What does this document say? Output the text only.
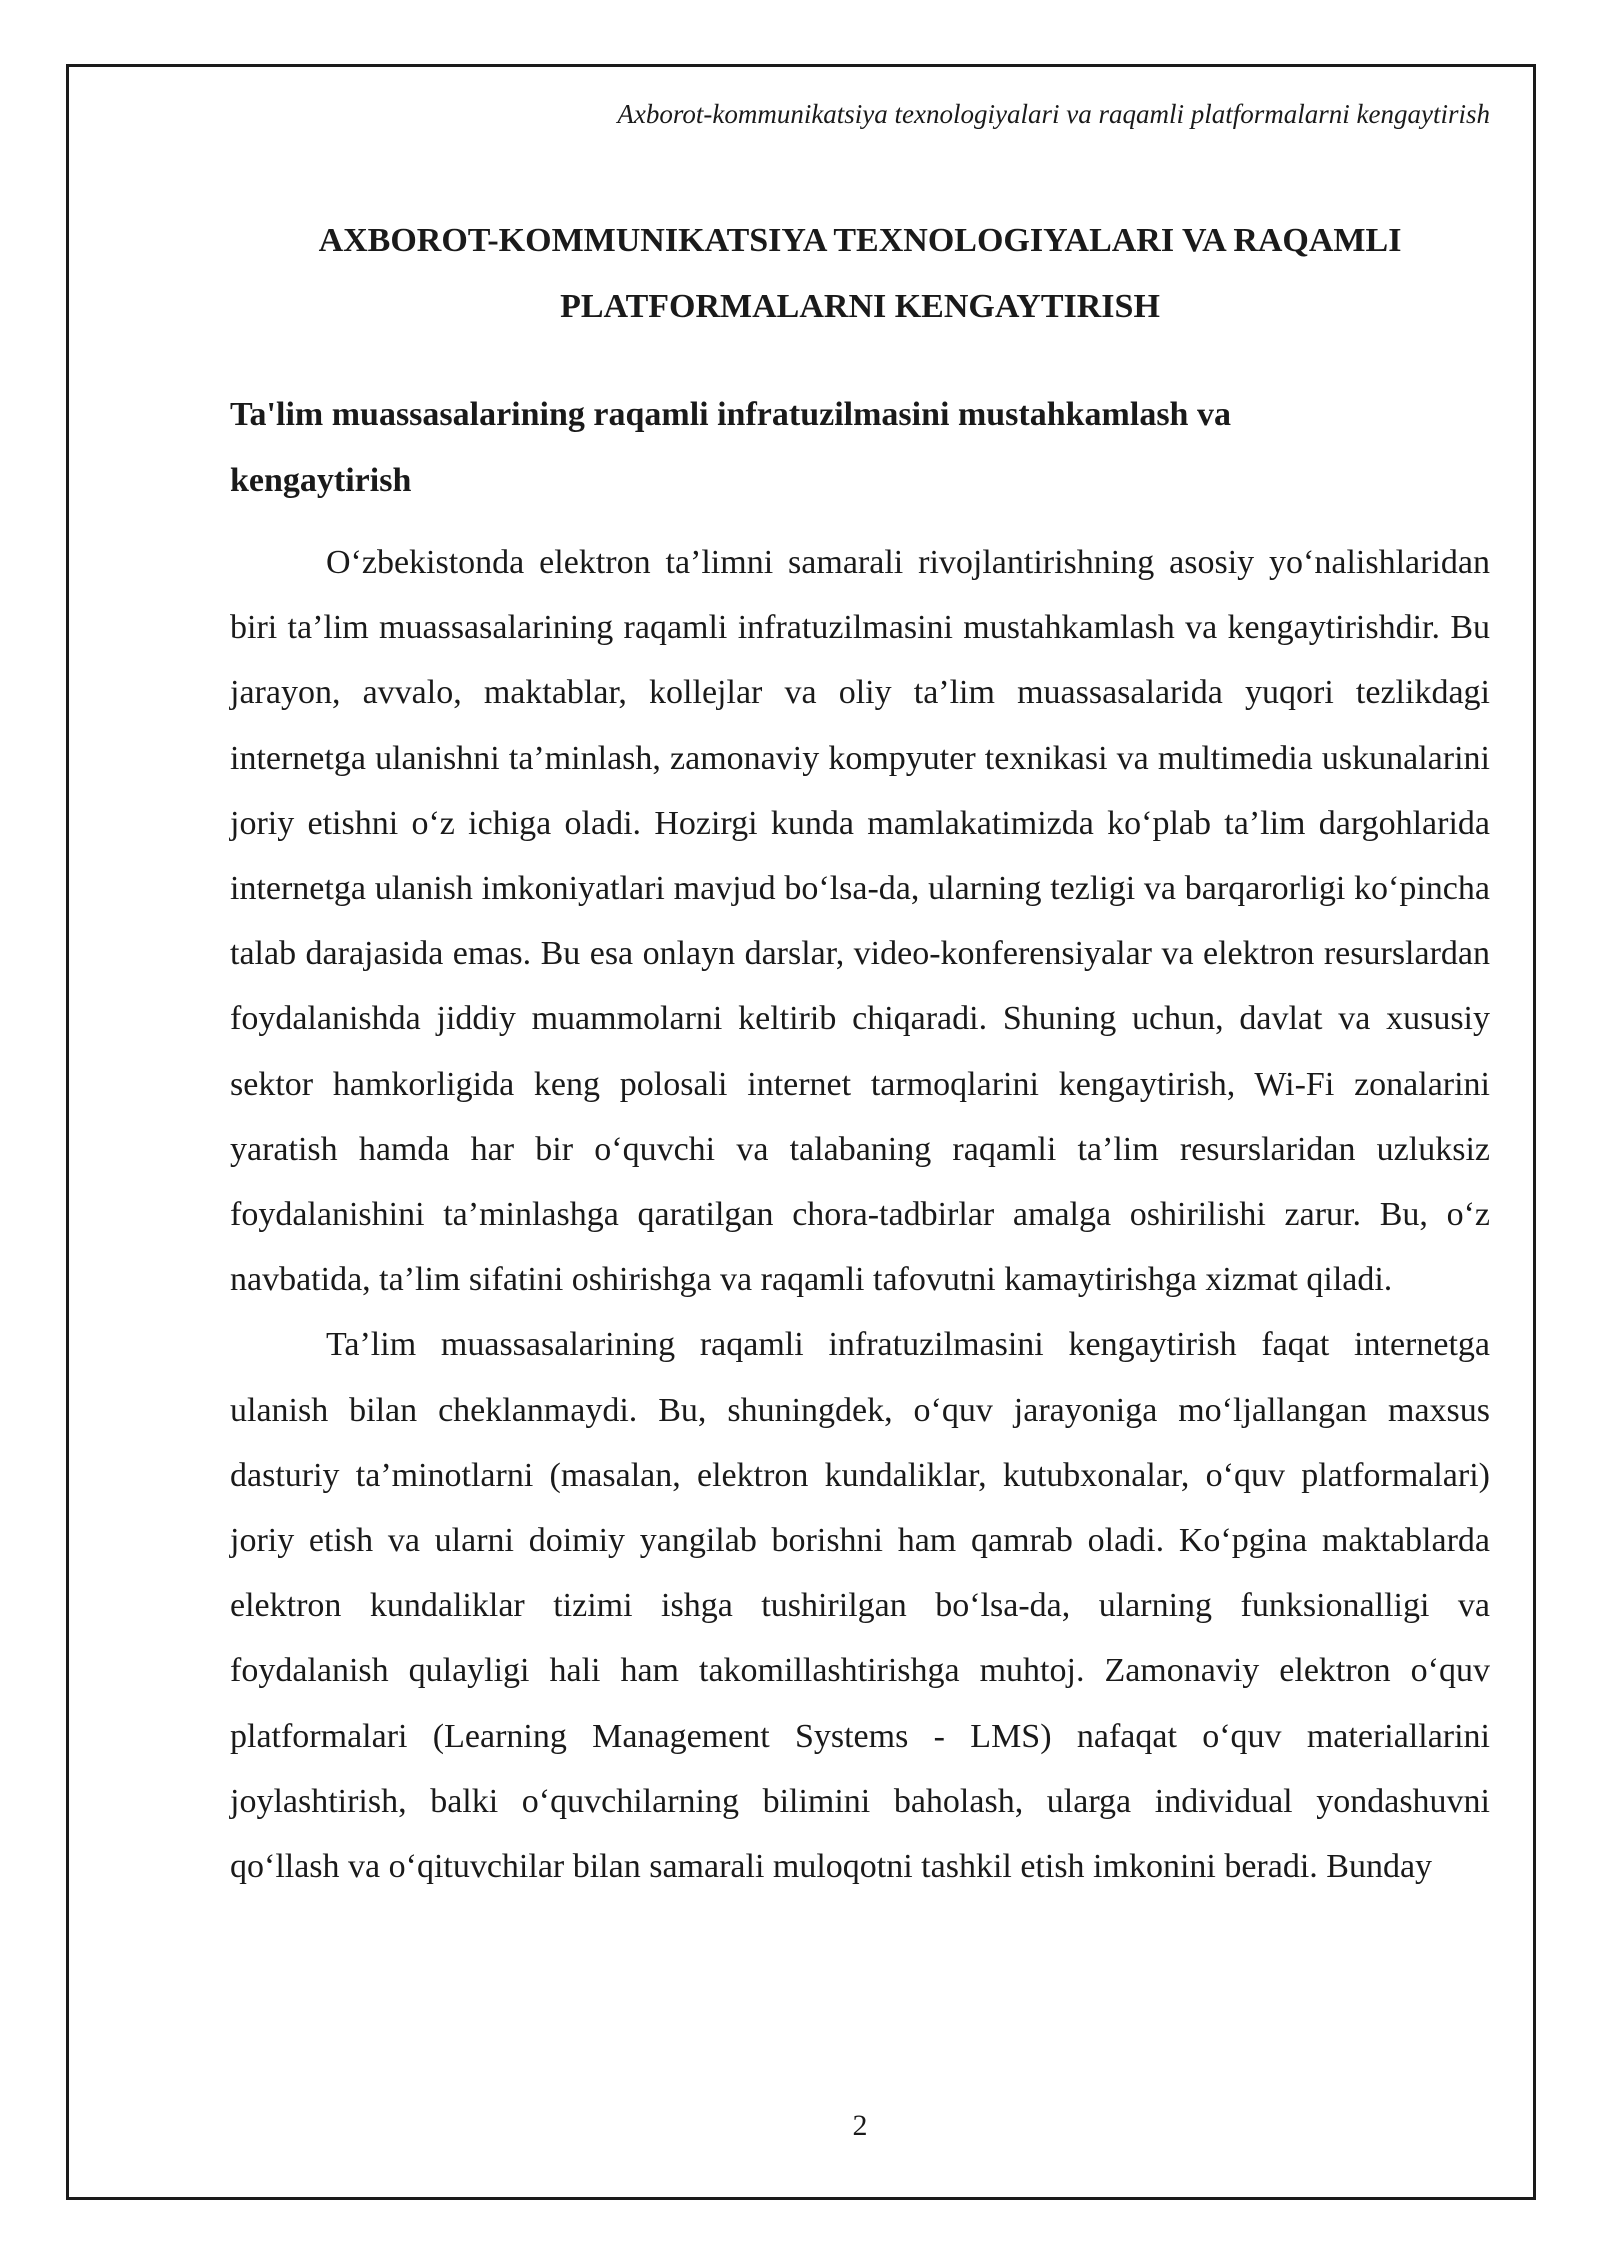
Axborot-kommunikatsiya texnologiyalari va raqamli platformalarni kengaytirish
AXBOROT-KOMMUNIKATSIYA TEXNOLOGIYALARI VA RAQAMLI
PLATFORMALARNI KENGAYTIRISH
Ta'lim muassasalarining raqamli infratuzilmasini mustahkamlash va
kengaytirish

O‘zbekistonda elektron ta’limni samarali rivojlantirishning asosiy yo‘nalishlaridan biri ta’lim muassasalarining raqamli infratuzilmasini mustahkamlash va kengaytirishdir. Bu jarayon, avvalo, maktablar, kollejlar va oliy ta’lim muassasalarida yuqori tezlikdagi internetga ulanishni ta’minlash, zamonaviy kompyuter texnikasi va multimedia uskunalarini joriy etishni o‘z ichiga oladi. Hozirgi kunda mamlakatimizda ko‘plab ta’lim dargohlarida internetga ulanish imkoniyatlari mavjud bo‘lsa-da, ularning tezligi va barqarorligi ko‘pincha talab darajasida emas. Bu esa onlayn darslar, video-konferensiyalar va elektron resurslardan foydalanishda jiddiy muammolarni keltirib chiqaradi. Shuning uchun, davlat va xususiy sektor hamkorligida keng polosali internet tarmoqlarini kengaytirish, Wi-Fi zonalarini yaratish hamda har bir o‘quvchi va talabaning raqamli ta’lim resurslaridan uzluksiz foydalanishini ta’minlashga qaratilgan chora-tadbirlar amalga oshirilishi zarur. Bu, o‘z navbatida, ta’lim sifatini oshirishga va raqamli tafovutni kamaytirishga xizmat qiladi.

Ta’lim muassasalarining raqamli infratuzilmasini kengaytirish faqat internetga ulanish bilan cheklanmaydi. Bu, shuningdek, o‘quv jarayoniga mo‘ljallangan maxsus dasturiy ta’minotlarni (masalan, elektron kundaliklar, kutubxonalar, o‘quv platformalari) joriy etish va ularni doimiy yangilab borishni ham qamrab oladi. Ko‘pgina maktablarda elektron kundaliklar tizimi ishga tushirilgan bo‘lsa-da, ularning funksionalligi va foydalanish qulayligi hali ham takomillashtirishga muhtoj. Zamonaviy elektron o‘quv platformalari (Learning Management Systems - LMS) nafaqat o‘quv materiallarini joylashtirish, balki o‘quvchilarning bilimini baholash, ularga individual yondashuvni qo‘llash va o‘qituvchilar bilan samarali muloqotni tashkil etish imkonini beradi. Bunday

2
